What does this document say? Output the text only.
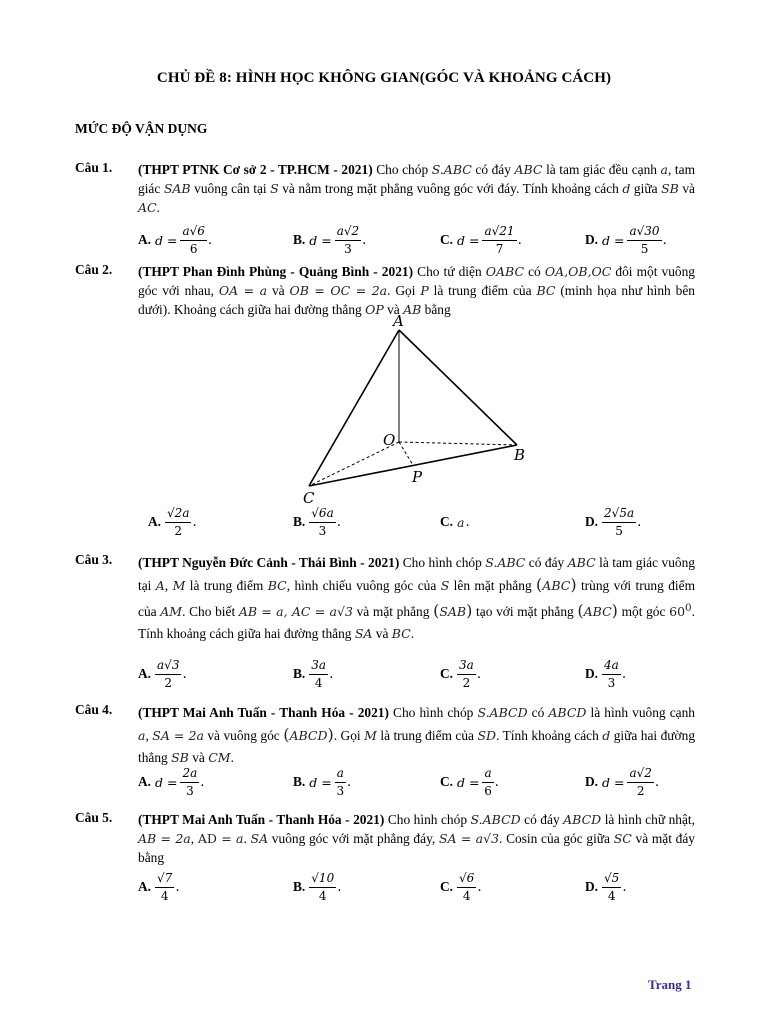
CHỦ ĐỀ 8: HÌNH HỌC KHÔNG GIAN(GÓC VÀ KHOẢNG CÁCH)
MỨC ĐỘ VẬN DỤNG
Câu 1. (THPT PTNK Cơ sở 2 - TP.HCM - 2021) Cho chóp S.ABC có đáy ABC là tam giác đều cạnh a, tam giác SAB vuông cân tại S và nằm trong mặt phẳng vuông góc với đáy. Tính khoảng cách d giữa SB và AC.
A. $d = \frac{a√6}{6}$ .	B. $d = \frac{a√2}{3}$ .	C. $d = \frac{a√21}{7}$ .	D. $d = \frac{a√30}{5}$ .
Câu 2. (THPT Phan Đình Phùng - Quảng Bình - 2021) Cho tứ diện OABC có OA,OB,OC đôi một vuông góc với nhau, OA = a và OB = OC = 2a. Gọi P là trung điểm của BC (minh họa như hình bên dưới). Khoảng cách giữa hai đường thẳng OP và AB bằng
A
O
B
C
P
A. $\frac{√2a}{2}$ .	B. $\frac{√6a}{3}$ .	C. a .	D. $\frac{2√5a}{5}$ .
Câu 3. (THPT Nguyễn Đức Cảnh - Thái Bình - 2021) Cho hình chóp S.ABC có đáy ABC là tam giác vuông tại A, M là trung điểm BC, hình chiếu vuông góc của S lên mặt phẳng (ABC) trùng với trung điểm của AM. Cho biết AB = a, AC = a√3 và mặt phẳng (SAB) tạo với mặt phẳng (ABC) một góc $60^0$. Tính khoảng cách giữa hai đường thẳng SA và BC.
A. $\frac{a√3}{2}$ .	B. $\frac{3a}{4}$ .	C. $\frac{3a}{2}$ .	D. $\frac{4a}{3}$ .
Câu 4. (THPT Mai Anh Tuấn - Thanh Hóa - 2021) Cho hình chóp S.ABCD có ABCD là hình vuông cạnh a, SA = 2a và vuông góc (ABCD). Gọi M là trung điểm của SD. Tính khoảng cách d giữa hai đường thẳng SB và CM.
A. $d = \frac{2a}{3}$ .	B. $d = \frac{a}{3}$ .	C. $d = \frac{a}{6}$ .	D. $d = \frac{a√2}{2}$ .
Câu 5. (THPT Mai Anh Tuấn - Thanh Hóa - 2021) Cho hình chóp S.ABCD có đáy ABCD là hình chữ nhật, AB = 2a, AD = a. SA vuông góc với mặt phẳng đáy, SA = a√3. Cosin của góc giữa SC và mặt đáy bằng
A. $\frac{√7}{4}$ .	B. $\frac{√10}{4}$ .	C. $\frac{√6}{4}$ .	D. $\frac{√5}{4}$ .
Trang 1
